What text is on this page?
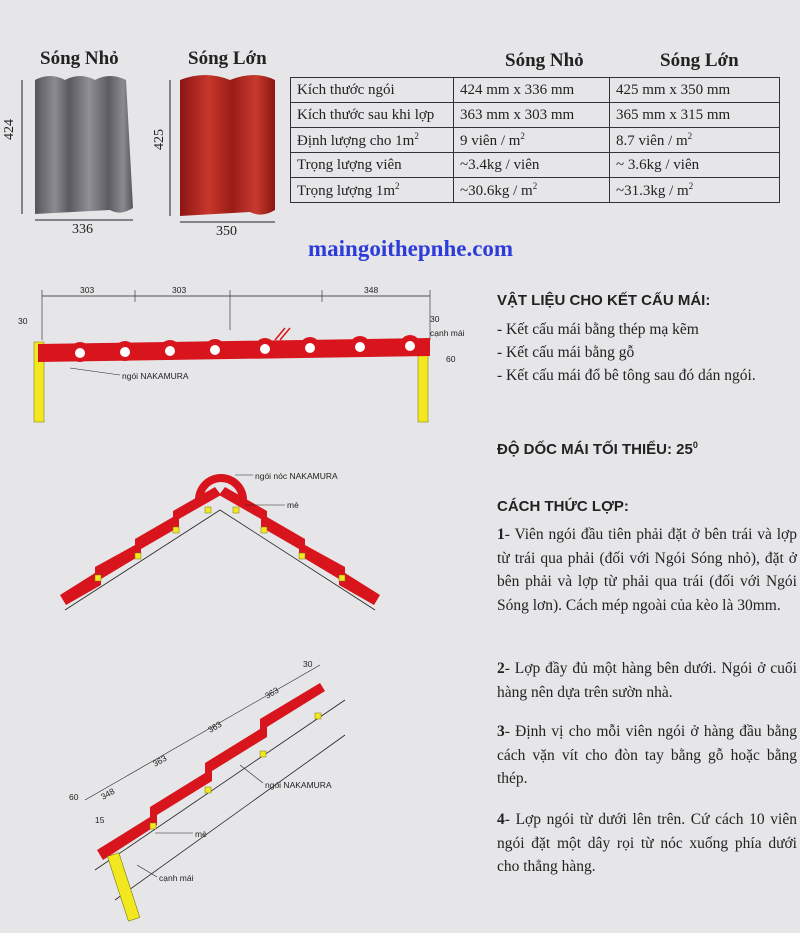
Sóng Nhỏ	Sóng Lớn
424
336
425
350
Sóng Nhỏ	Sóng Lớn
Kích thước ngói	424 mm x 336 mm	425 mm x 350 mm
Kích thước sau khi lợp	363 mm x 303 mm	365 mm x 315 mm
Định lượng cho $1m^2$	9 viên / $m^2$	8.7 viên / $m^2$
Trọng lượng viên	~3.4kg / viên	~ 3.6kg / viên
Trọng lượng $1m^2$	~30.6kg / $m^2$	~31.3kg / $m^2$
maingoithepnhe.com
303	303	348
30	30
60
cạnh mái
ngói NAKAMURA
ngói nóc NAKAMURA
mè
30
363
363
363
348
60
15
ngói NAKAMURA
mè
cạnh mái
VẬT LIỆU CHO KẾT CẤU MÁI:
- Kết cấu mái bằng thép mạ kẽm
- Kết cấu mái bằng gỗ
- Kết cấu mái đổ bê tông sau đó dán ngói.
ĐỘ DỐC MÁI TỐI THIỂU: $25^0$
CÁCH THỨC LỢP:
1- Viên ngói đầu tiên phải đặt ở bên trái và lợp từ trái qua phải (đối với Ngói Sóng nhỏ), đặt ở bên phải và lợp từ phải qua trái (đối với Ngói Sóng lơn). Cách mép ngoài của kèo là 30mm.
2- Lợp đầy đủ một hàng bên dưới. Ngói ở cuối hàng nên dựa trên sườn nhà.
3- Định vị cho mỗi viên ngói ở hàng đầu bằng cách vặn vít cho đòn tay bằng gỗ hoặc bằng thép.
4- Lợp ngói từ dưới lên trên. Cứ cách 10 viên ngói đặt một dây rọi từ nóc xuống phía dưới cho thẳng hàng.
